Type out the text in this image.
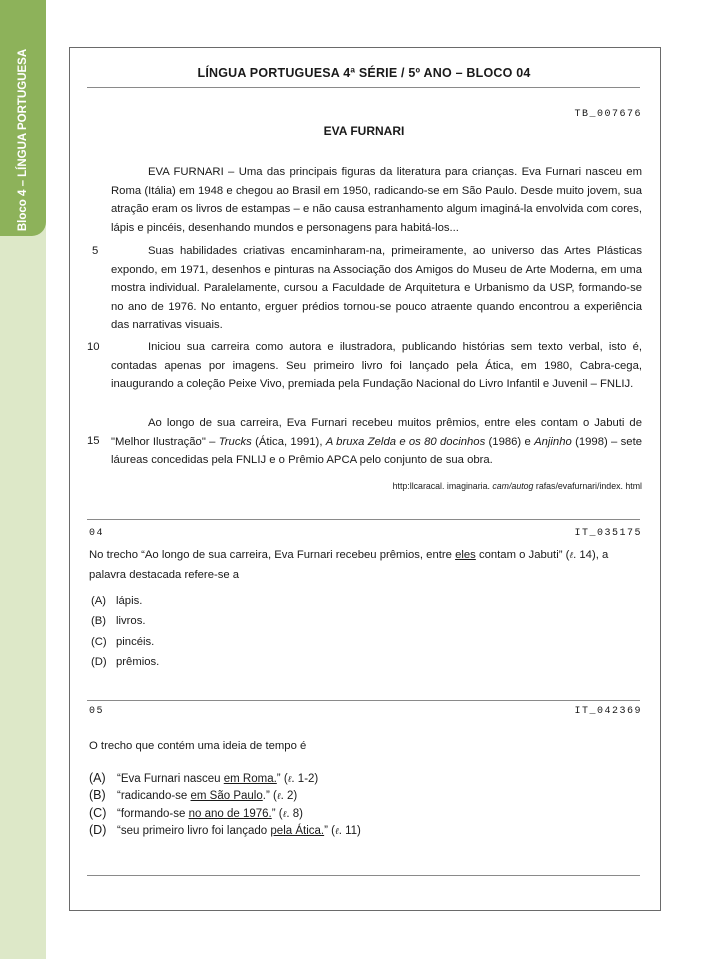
Bloco 4 – LÍNGUA PORTUGUESA	LÍNGUA PORTUGUESA 4ª SÉRIE / 5º ANO – BLOCO 04
TB_007676
EVA FURNARI
EVA FURNARI – Uma das principais figuras da literatura para crianças. Eva Furnari nasceu em Roma (Itália) em 1948 e chegou ao Brasil em 1950, radicando-se em São Paulo. Desde muito jovem, sua atração eram os livros de estampas – e não causa estranhamento algum imaginá-la envolvida com cores, lápis e pincéis, desenhando mundos e personagens para habitá-los...
5	Suas habilidades criativas encaminharam-na, primeiramente, ao universo das Artes Plásticas expondo, em 1971, desenhos e pinturas na Associação dos Amigos do Museu de Arte Moderna, em uma mostra individual. Paralelamente, cursou a Faculdade de Arquitetura e Urbanismo da USP, formando-se no ano de 1976. No entanto, erguer prédios tornou-se pouco atraente quando encontrou a experiência das narrativas visuais.
10	Iniciou sua carreira como autora e ilustradora, publicando histórias sem texto verbal, isto é, contadas apenas por imagens. Seu primeiro livro foi lançado pela Ática, em 1980, Cabra-cega, inaugurando a coleção Peixe Vivo, premiada pela Fundação Nacional do Livro Infantil e Juvenil – FNLIJ.
15
Ao longo de sua carreira, Eva Furnari recebeu muitos prêmios, entre eles contam o Jabuti de "Melhor Ilustração" – Trucks (Ática, 1991), A bruxa Zelda e os 80 docinhos (1986) e Anjinho (1998) – sete láureas concedidas pela FNLIJ e o Prêmio APCA pelo conjunto de sua obra.
http:llcaracal. imaginaria. cam/autog rafas/evafurnari/index. html
04	IT_035175
No trecho “Ao longo de sua carreira, Eva Furnari recebeu prêmios, entre eles contam o Jabuti” (ℓ. 14), a palavra destacada refere-se a
(A) lápis.
(B) livros.
(C) pincéis.
(D) prêmios.
05	IT_042369
O trecho que contém uma ideia de tempo é
(A) “Eva Furnari nasceu em Roma.” (ℓ. 1-2)
(B) “radicando-se em São Paulo.” (ℓ. 2)
(C) “formando-se no ano de 1976.” (ℓ. 8)
(D) “seu primeiro livro foi lançado pela Ática.” (ℓ. 11)
